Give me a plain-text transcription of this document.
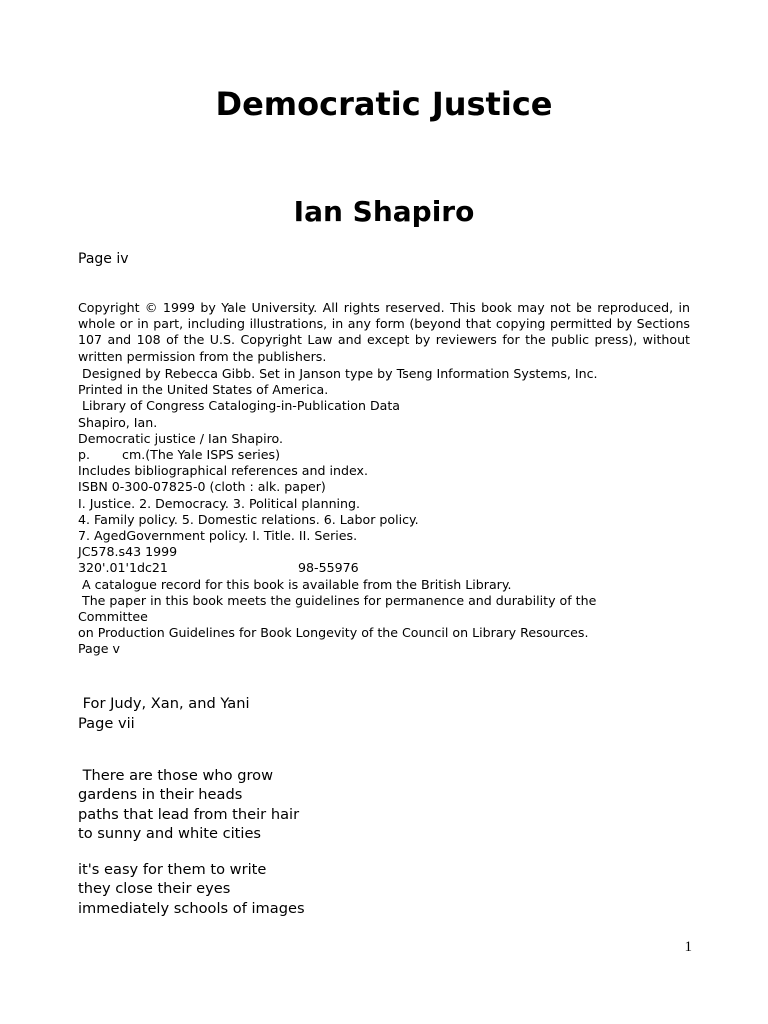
Democratic Justice
Ian Shapiro
Page iv
Copyright © 1999 by Yale University. All rights reserved. This book may not be reproduced, in whole or in part, including illustrations, in any form (beyond that copying permitted by Sections 107 and 108 of the U.S. Copyright Law and except by reviewers for the public press), without written permission from the publishers.
Designed by Rebecca Gibb. Set in Janson type by Tseng Information Systems, Inc.
Printed in the United States of America.
Library of Congress Cataloging-in-Publication Data
Shapiro, Ian.
Democratic justice / Ian Shapiro.
p.        cm.(The Yale ISPS series)
Includes bibliographical references and index.
ISBN 0-300-07825-0 (cloth : alk. paper)
I. Justice. 2. Democracy. 3. Political planning.
4. Family policy. 5. Domestic relations. 6. Labor policy.
7. AgedGovernment policy. I. Title. II. Series.
JC578.s43 1999
320'.01'1dc21	98-55976
A catalogue record for this book is available from the British Library.
The paper in this book meets the guidelines for permanence and durability of the
Committee
on Production Guidelines for Book Longevity of the Council on Library Resources.
Page v
For Judy, Xan, and Yani
Page vii
There are those who grow
gardens in their heads
paths that lead from their hair
to sunny and white cities
it's easy for them to write
they close their eyes
immediately schools of images
1
